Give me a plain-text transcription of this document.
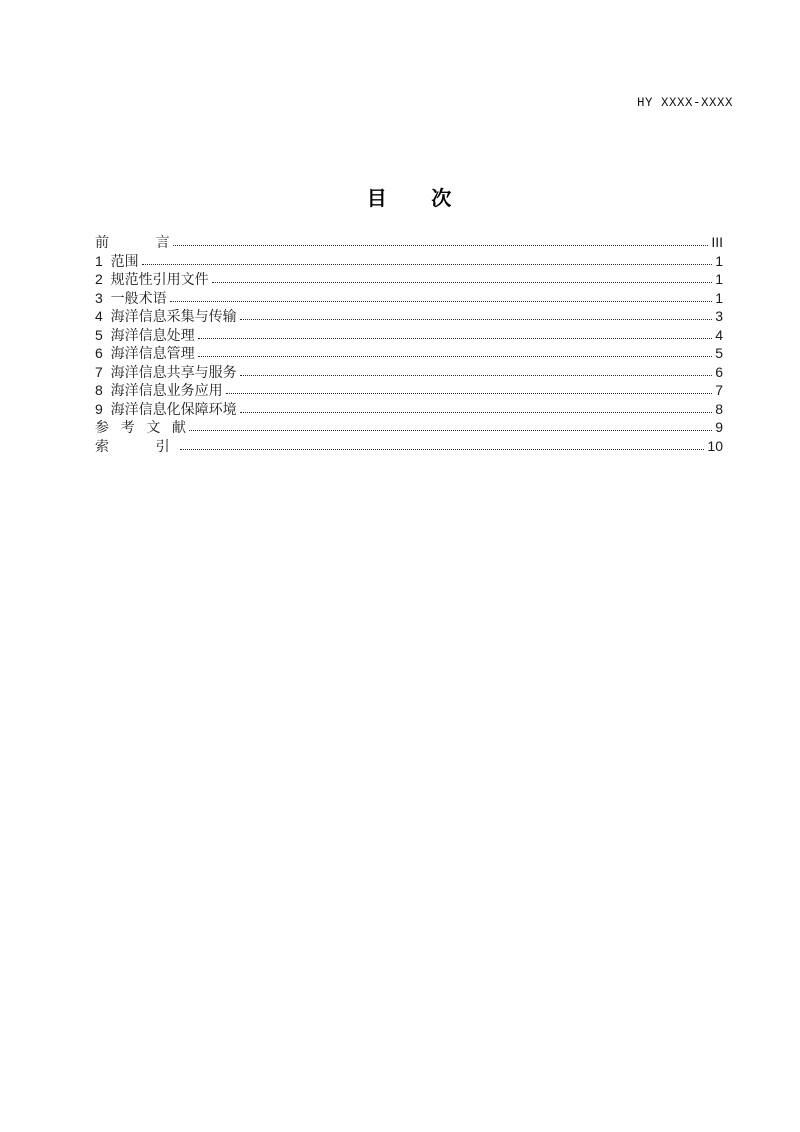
HY XXXX-XXXX
目        次
前            言	III
1  范围	1
2  规范性引用文件	1
3  一般术语	1
4  海洋信息采集与传输	3
5  海洋信息处理	4
6  海洋信息管理	5
7  海洋信息共享与服务	6
8  海洋信息业务应用	7
9  海洋信息化保障环境	8
参   考   文   献	9
索            引	10
